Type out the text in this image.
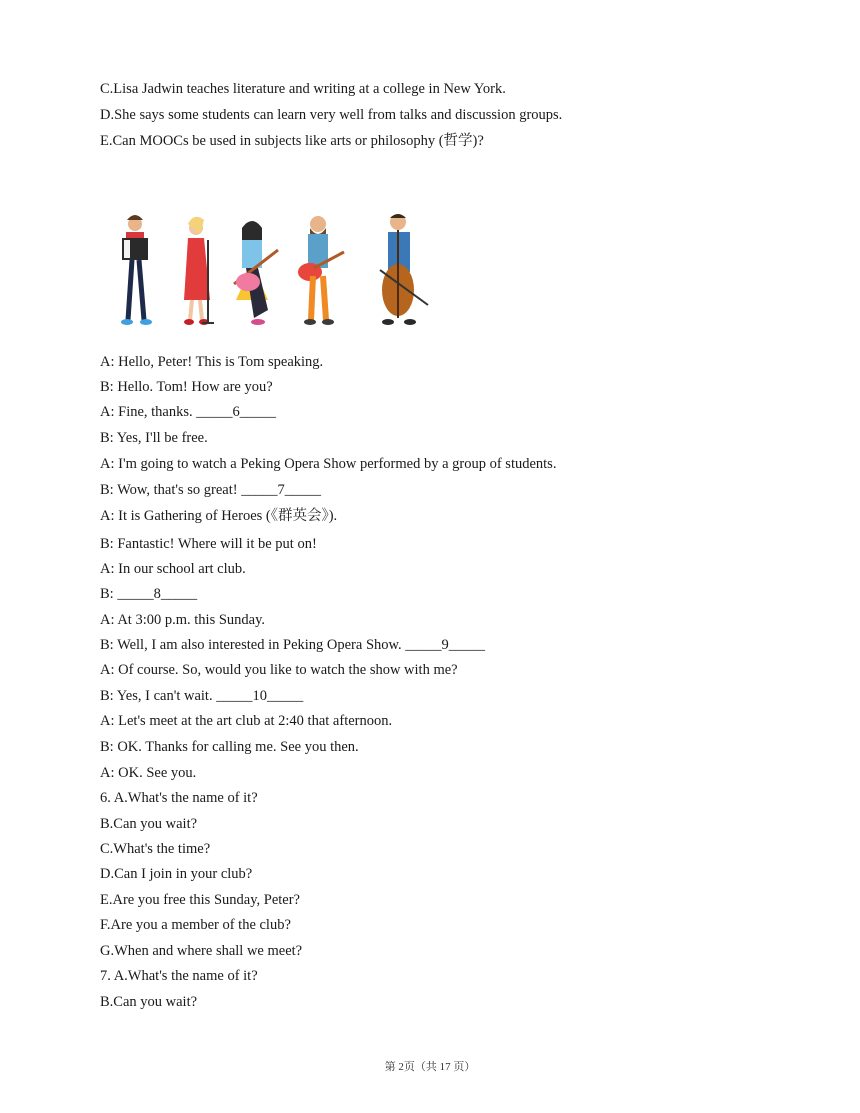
C.Lisa Jadwin teaches literature and writing at a college in New York.
D.She says some students can learn very well from talks and discussion groups.
E.Can MOOCs be used in subjects like arts or philosophy (哲学)?
A: Hello, Peter! This is Tom speaking.
B: Hello. Tom! How are you?
A: Fine, thanks. _____6_____
B: Yes, I'll be free.
A: I'm going to watch a Peking Opera Show performed by a group of students.
B: Wow, that's so great! _____7_____
A: It is Gathering of Heroes (《群英会》).
B: Fantastic! Where will it be put on!
A: In our school art club.
B: _____8_____
A: At 3:00 p.m. this Sunday.
B: Well, I am also interested in Peking Opera Show. _____9_____
A: Of course. So, would you like to watch the show with me?
B: Yes, I can't wait. _____10_____
A: Let's meet at the art club at 2:40 that afternoon.
B: OK. Thanks for calling me. See you then.
A: OK. See you.
6. A.What's the name of it?
B.Can you wait?
C.What's the time?
D.Can I join in your club?
E.Are you free this Sunday, Peter?
F.Are you a member of the club?
G.When and where shall we meet?
7. A.What's the name of it?
B.Can you wait?
第 2页（共 17 页）
